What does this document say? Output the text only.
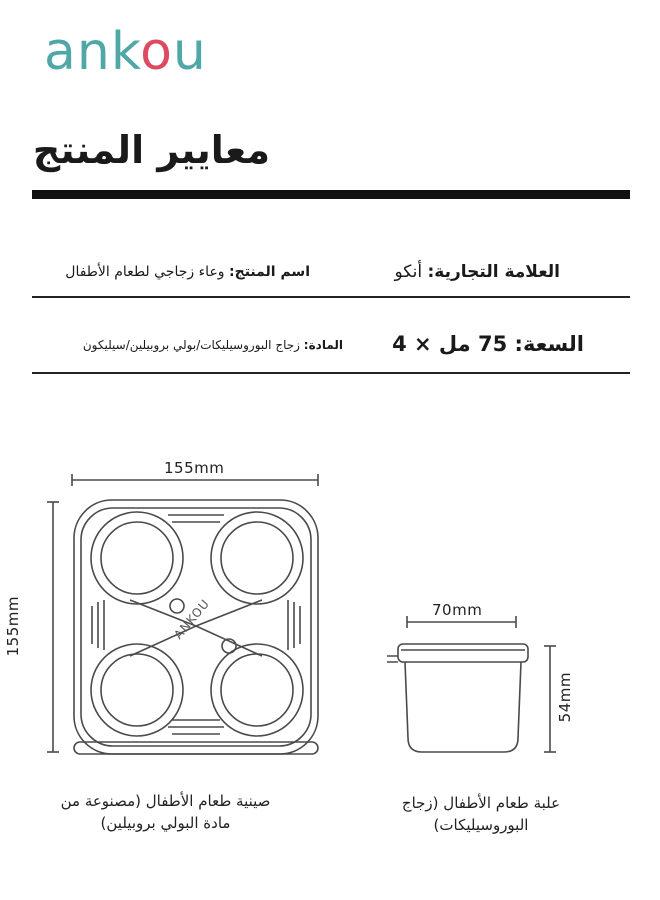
ankou
معايير المنتج
العلامة التجارية: أنكو
اسم المنتج: وعاء زجاجي لطعام الأطفال
السعة: 75 مل × 4
المادة: زجاج البوروسيليكات/بولي بروبيلين/سيليكون
ANKOU
155mm
155mm	70mm
54mm
صينية طعام الأطفال (مصنوعة من مادة البولي بروبيلين)
علبة طعام الأطفال (زجاج البوروسيليكات)
